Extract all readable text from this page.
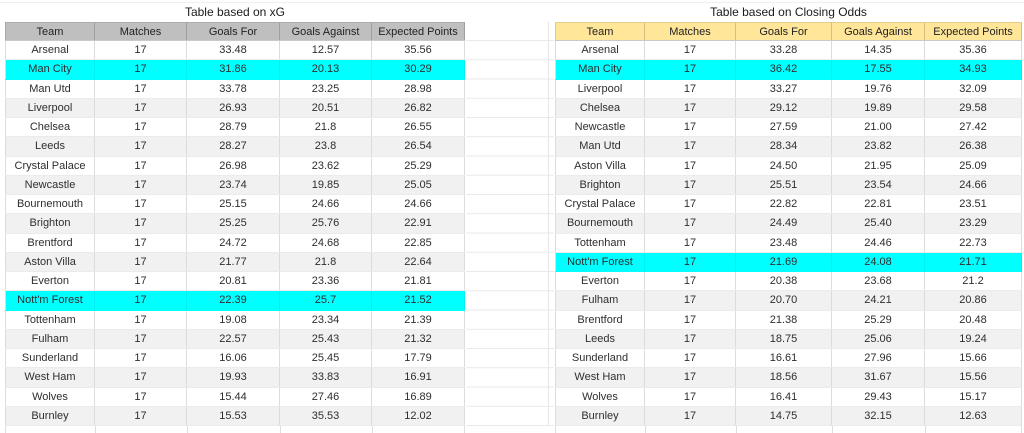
Table based on xG
Team	Matches	Goals For	Goals Against	Expected Points
Arsenal	17	33.48	12.57	35.56
Man City	17	31.86	20.13	30.29
Man Utd	17	33.78	23.25	28.98
Liverpool	17	26.93	20.51	26.82
Chelsea	17	28.79	21.8	26.55
Leeds	17	28.27	23.8	26.54
Crystal Palace	17	26.98	23.62	25.29
Newcastle	17	23.74	19.85	25.05
Bournemouth	17	25.15	24.66	24.66
Brighton	17	25.25	25.76	22.91
Brentford	17	24.72	24.68	22.85
Aston Villa	17	21.77	21.8	22.64
Everton	17	20.81	23.36	21.81
Nott'm Forest	17	22.39	25.7	21.52
Tottenham	17	19.08	23.34	21.39
Fulham	17	22.57	25.43	21.32
Sunderland	17	16.06	25.45	17.79
West Ham	17	19.93	33.83	16.91
Wolves	17	15.44	27.46	16.89
Burnley	17	15.53	35.53	12.02
Table based on Closing Odds
Team	Matches	Goals For	Goals Against	Expected Points
Arsenal	17	33.28	14.35	35.36
Man City	17	36.42	17.55	34.93
Liverpool	17	33.27	19.76	32.09
Chelsea	17	29.12	19.89	29.58
Newcastle	17	27.59	21.00	27.42
Man Utd	17	28.34	23.82	26.38
Aston Villa	17	24.50	21.95	25.09
Brighton	17	25.51	23.54	24.66
Crystal Palace	17	22.82	22.81	23.51
Bournemouth	17	24.49	25.40	23.29
Tottenham	17	23.48	24.46	22.73
Nott'm Forest	17	21.69	24.08	21.71
Everton	17	20.38	23.68	21.2
Fulham	17	20.70	24.21	20.86
Brentford	17	21.38	25.29	20.48
Leeds	17	18.75	25.06	19.24
Sunderland	17	16.61	27.96	15.66
West Ham	17	18.56	31.67	15.56
Wolves	17	16.41	29.43	15.17
Burnley	17	14.75	32.15	12.63
